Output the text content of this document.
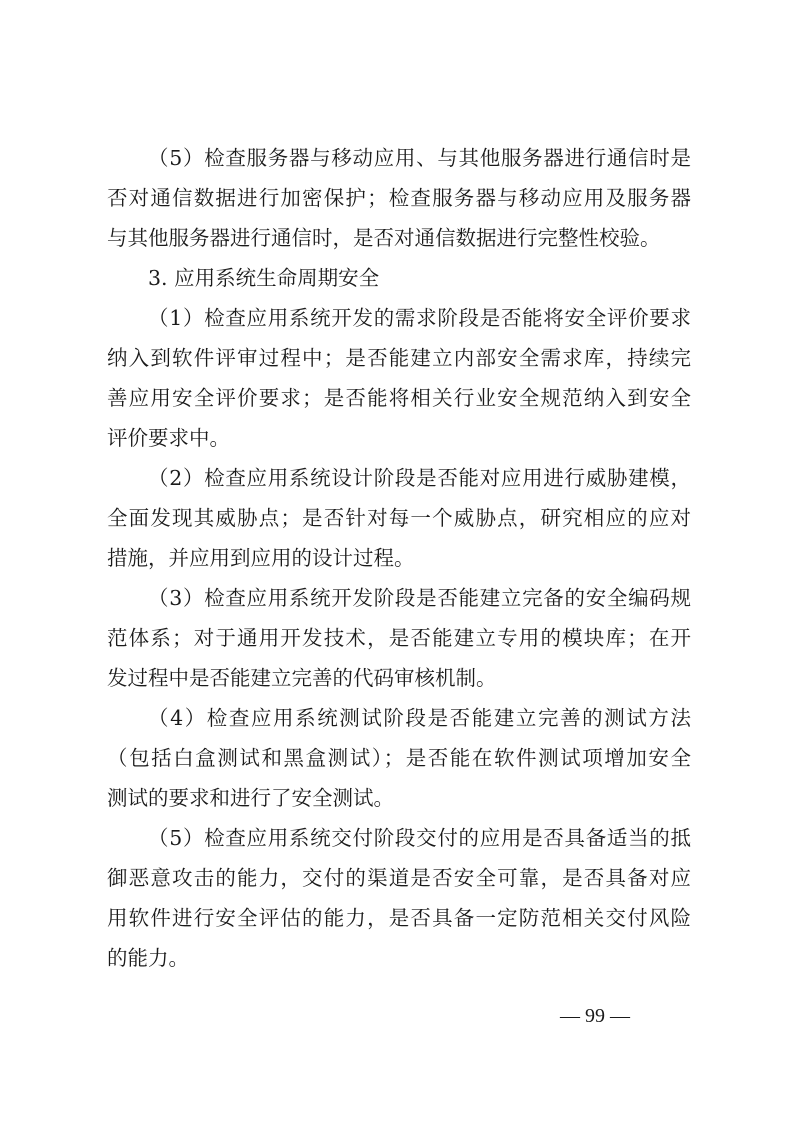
（5）检查服务器与移动应用、与其他服务器进行通信时是
否对通信数据进行加密保护；检查服务器与移动应用及服务器
与其他服务器进行通信时，是否对通信数据进行完整性校验。
3. 应用系统生命周期安全
（1）检查应用系统开发的需求阶段是否能将安全评价要求
纳入到软件评审过程中；是否能建立内部安全需求库，持续完
善应用安全评价要求；是否能将相关行业安全规范纳入到安全
评价要求中。
（2）检查应用系统设计阶段是否能对应用进行威胁建模，
全面发现其威胁点；是否针对每一个威胁点，研究相应的应对
措施，并应用到应用的设计过程。
（3）检查应用系统开发阶段是否能建立完备的安全编码规
范体系；对于通用开发技术，是否能建立专用的模块库；在开
发过程中是否能建立完善的代码审核机制。
（4）检查应用系统测试阶段是否能建立完善的测试方法
（包括白盒测试和黑盒测试）；是否能在软件测试项增加安全
测试的要求和进行了安全测试。
（5）检查应用系统交付阶段交付的应用是否具备适当的抵
御恶意攻击的能力，交付的渠道是否安全可靠，是否具备对应
用软件进行安全评估的能力，是否具备一定防范相关交付风险
的能力。
— 99 —
